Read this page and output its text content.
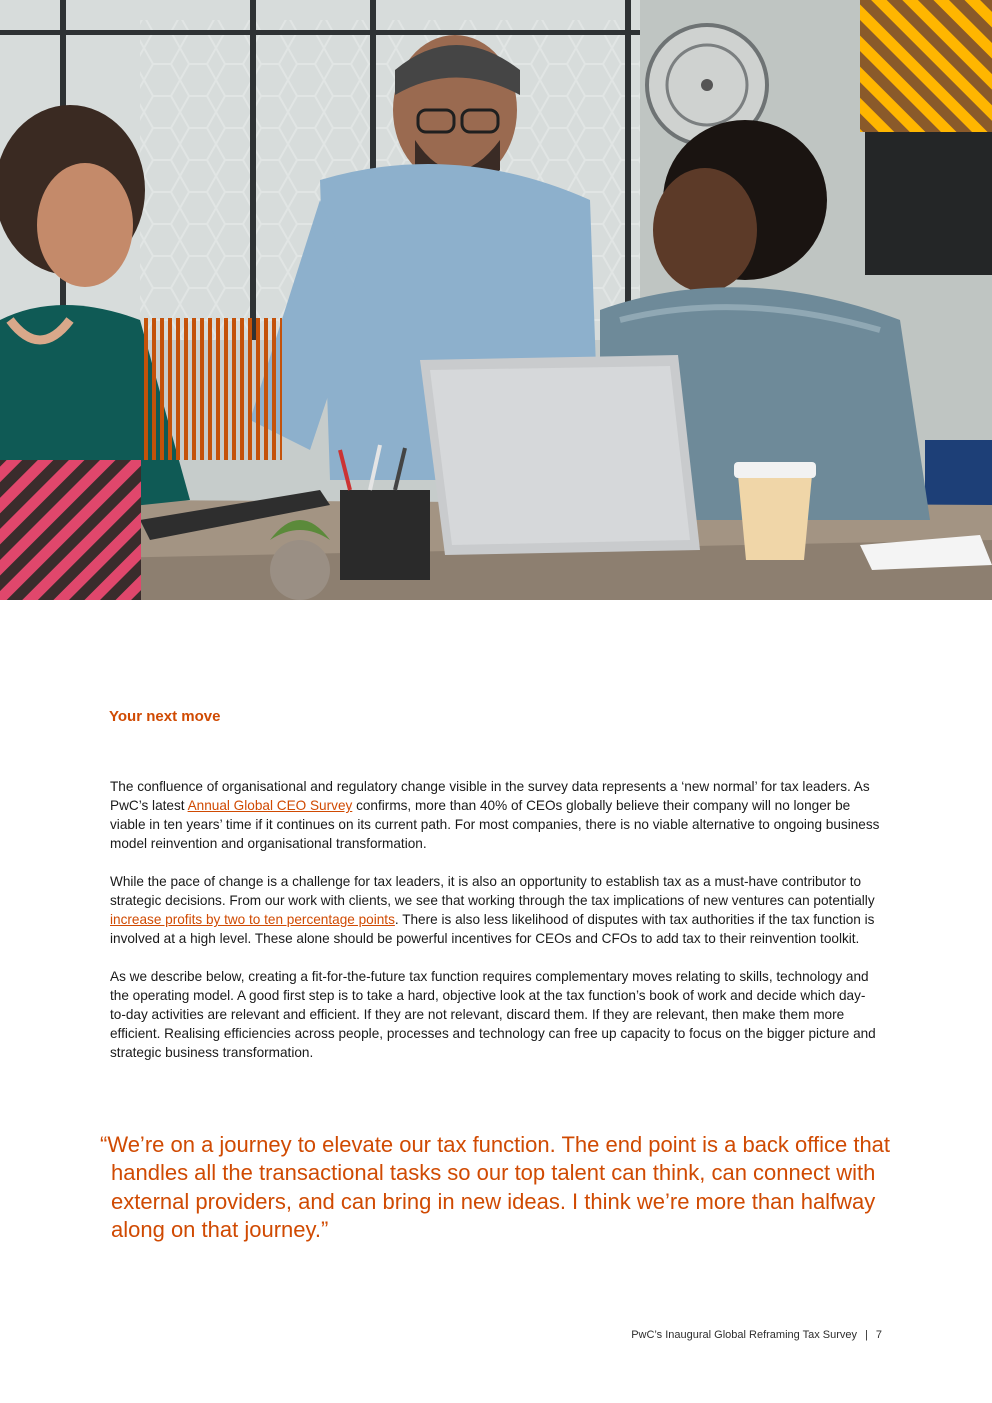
Your next move

The confluence of organisational and regulatory change visible in the survey data represents a ‘new normal’ for tax leaders. As PwC’s latest Annual Global CEO Survey confirms, more than 40% of CEOs globally believe their company will no longer be viable in ten years’ time if it continues on its current path. For most companies, there is no viable alternative to ongoing business model reinvention and organisational transformation.

While the pace of change is a challenge for tax leaders, it is also an opportunity to establish tax as a must-have contributor to strategic decisions. From our work with clients, we see that working through the tax implications of new ventures can potentially increase profits by two to ten percentage points. There is also less likelihood of disputes with tax authorities if the tax function is involved at a high level. These alone should be powerful incentives for CEOs and CFOs to add tax to their reinvention toolkit.

As we describe below, creating a fit-for-the-future tax function requires complementary moves relating to skills, technology and the operating model. A good first step is to take a hard, objective look at the tax function’s book of work and decide which day-to-day activities are relevant and efficient. If they are not relevant, discard them. If they are relevant, then make them more efficient. Realising efficiencies across people, processes and technology can free up capacity to focus on the bigger picture and strategic business transformation.

“We’re on a journey to elevate our tax function. The end point is a back office that handles all the transactional tasks so our top talent can think, can connect with external providers, and can bring in new ideas. I think we’re more than halfway along on that journey.”
PwC’s Inaugural Global Reframing Tax Survey | 7
